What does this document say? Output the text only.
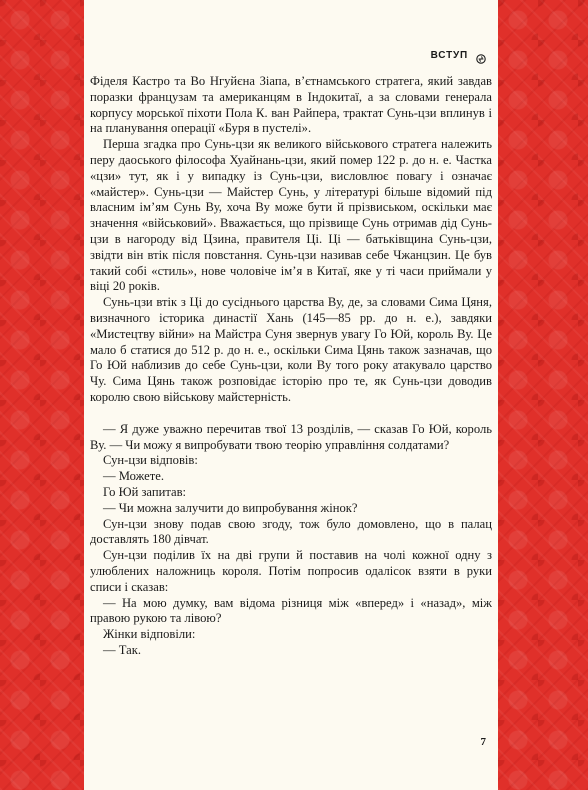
ВСТУП

Фіделя Кастро та Во Нгуйєна Зіапа, в’єтнамського стратега, який завдав поразки французам та американцям в Індокитаї, а за словами генерала корпусу морської піхоти Пола К. ван Райпера, трактат Сунь-цзи вплинув і на планування операції «Буря в пустелі».

Перша згадка про Сунь-цзи як великого військового стратега належить перу даоського філософа Хуайнань-цзи, який помер 122 р. до н. е. Частка «цзи» тут, як і у випадку із Сунь-цзи, висловлює повагу і означає «майстер». Сунь-цзи — Майстер Сунь, у літературі більше відомий під власним ім’ям Сунь Ву, хоча Ву може бути й прізвиськом, оскільки має значення «військовий». Вважається, що прізвище Сунь отримав дід Сунь-цзи в нагороду від Цзина, правителя Ці. Ці — батьківщина Сунь-цзи, звідти він втік після повстання. Сунь-цзи називав себе Чжанцзин. Це був такий собі «стиль», нове чоловіче ім’я в Китаї, яке у ті часи приймали у віці 20 років.

Сунь-цзи втік з Ці до сусіднього царства Ву, де, за словами Сима Цяня, визначного історика династії Хань (145—85 рр. до н. е.), завдяки «Мистецтву війни» на Майстра Суня звернув увагу Го Юй, король Ву. Це мало б статися до 512 р. до н. е., оскільки Сима Цянь також зазначав, що Го Юй наблизив до себе Сунь-цзи, коли Ву того року атакувало царство Чу. Сима Цянь також розповідає історію про те, як Сунь-цзи доводив королю свою військову майстерність.

— Я дуже уважно перечитав твої 13 розділів, — сказав Го Юй, король Ву. — Чи можу я випробувати твою теорію управління солдатами?

Сун-цзи відповів:

— Можете.

Го Юй запитав:

— Чи можна залучити до випробування жінок?

Сун-цзи знову подав свою згоду, тож було домовлено, що в палац доставлять 180 дівчат.

Сун-цзи поділив їх на дві групи й поставив на чолі кожної одну з улюблених наложниць короля. Потім попросив одалісок взяти в руки списи і сказав:

— На мою думку, вам відома різниця між «вперед» і «назад», між правою рукою та лівою?

Жінки відповіли:

— Так.

7
